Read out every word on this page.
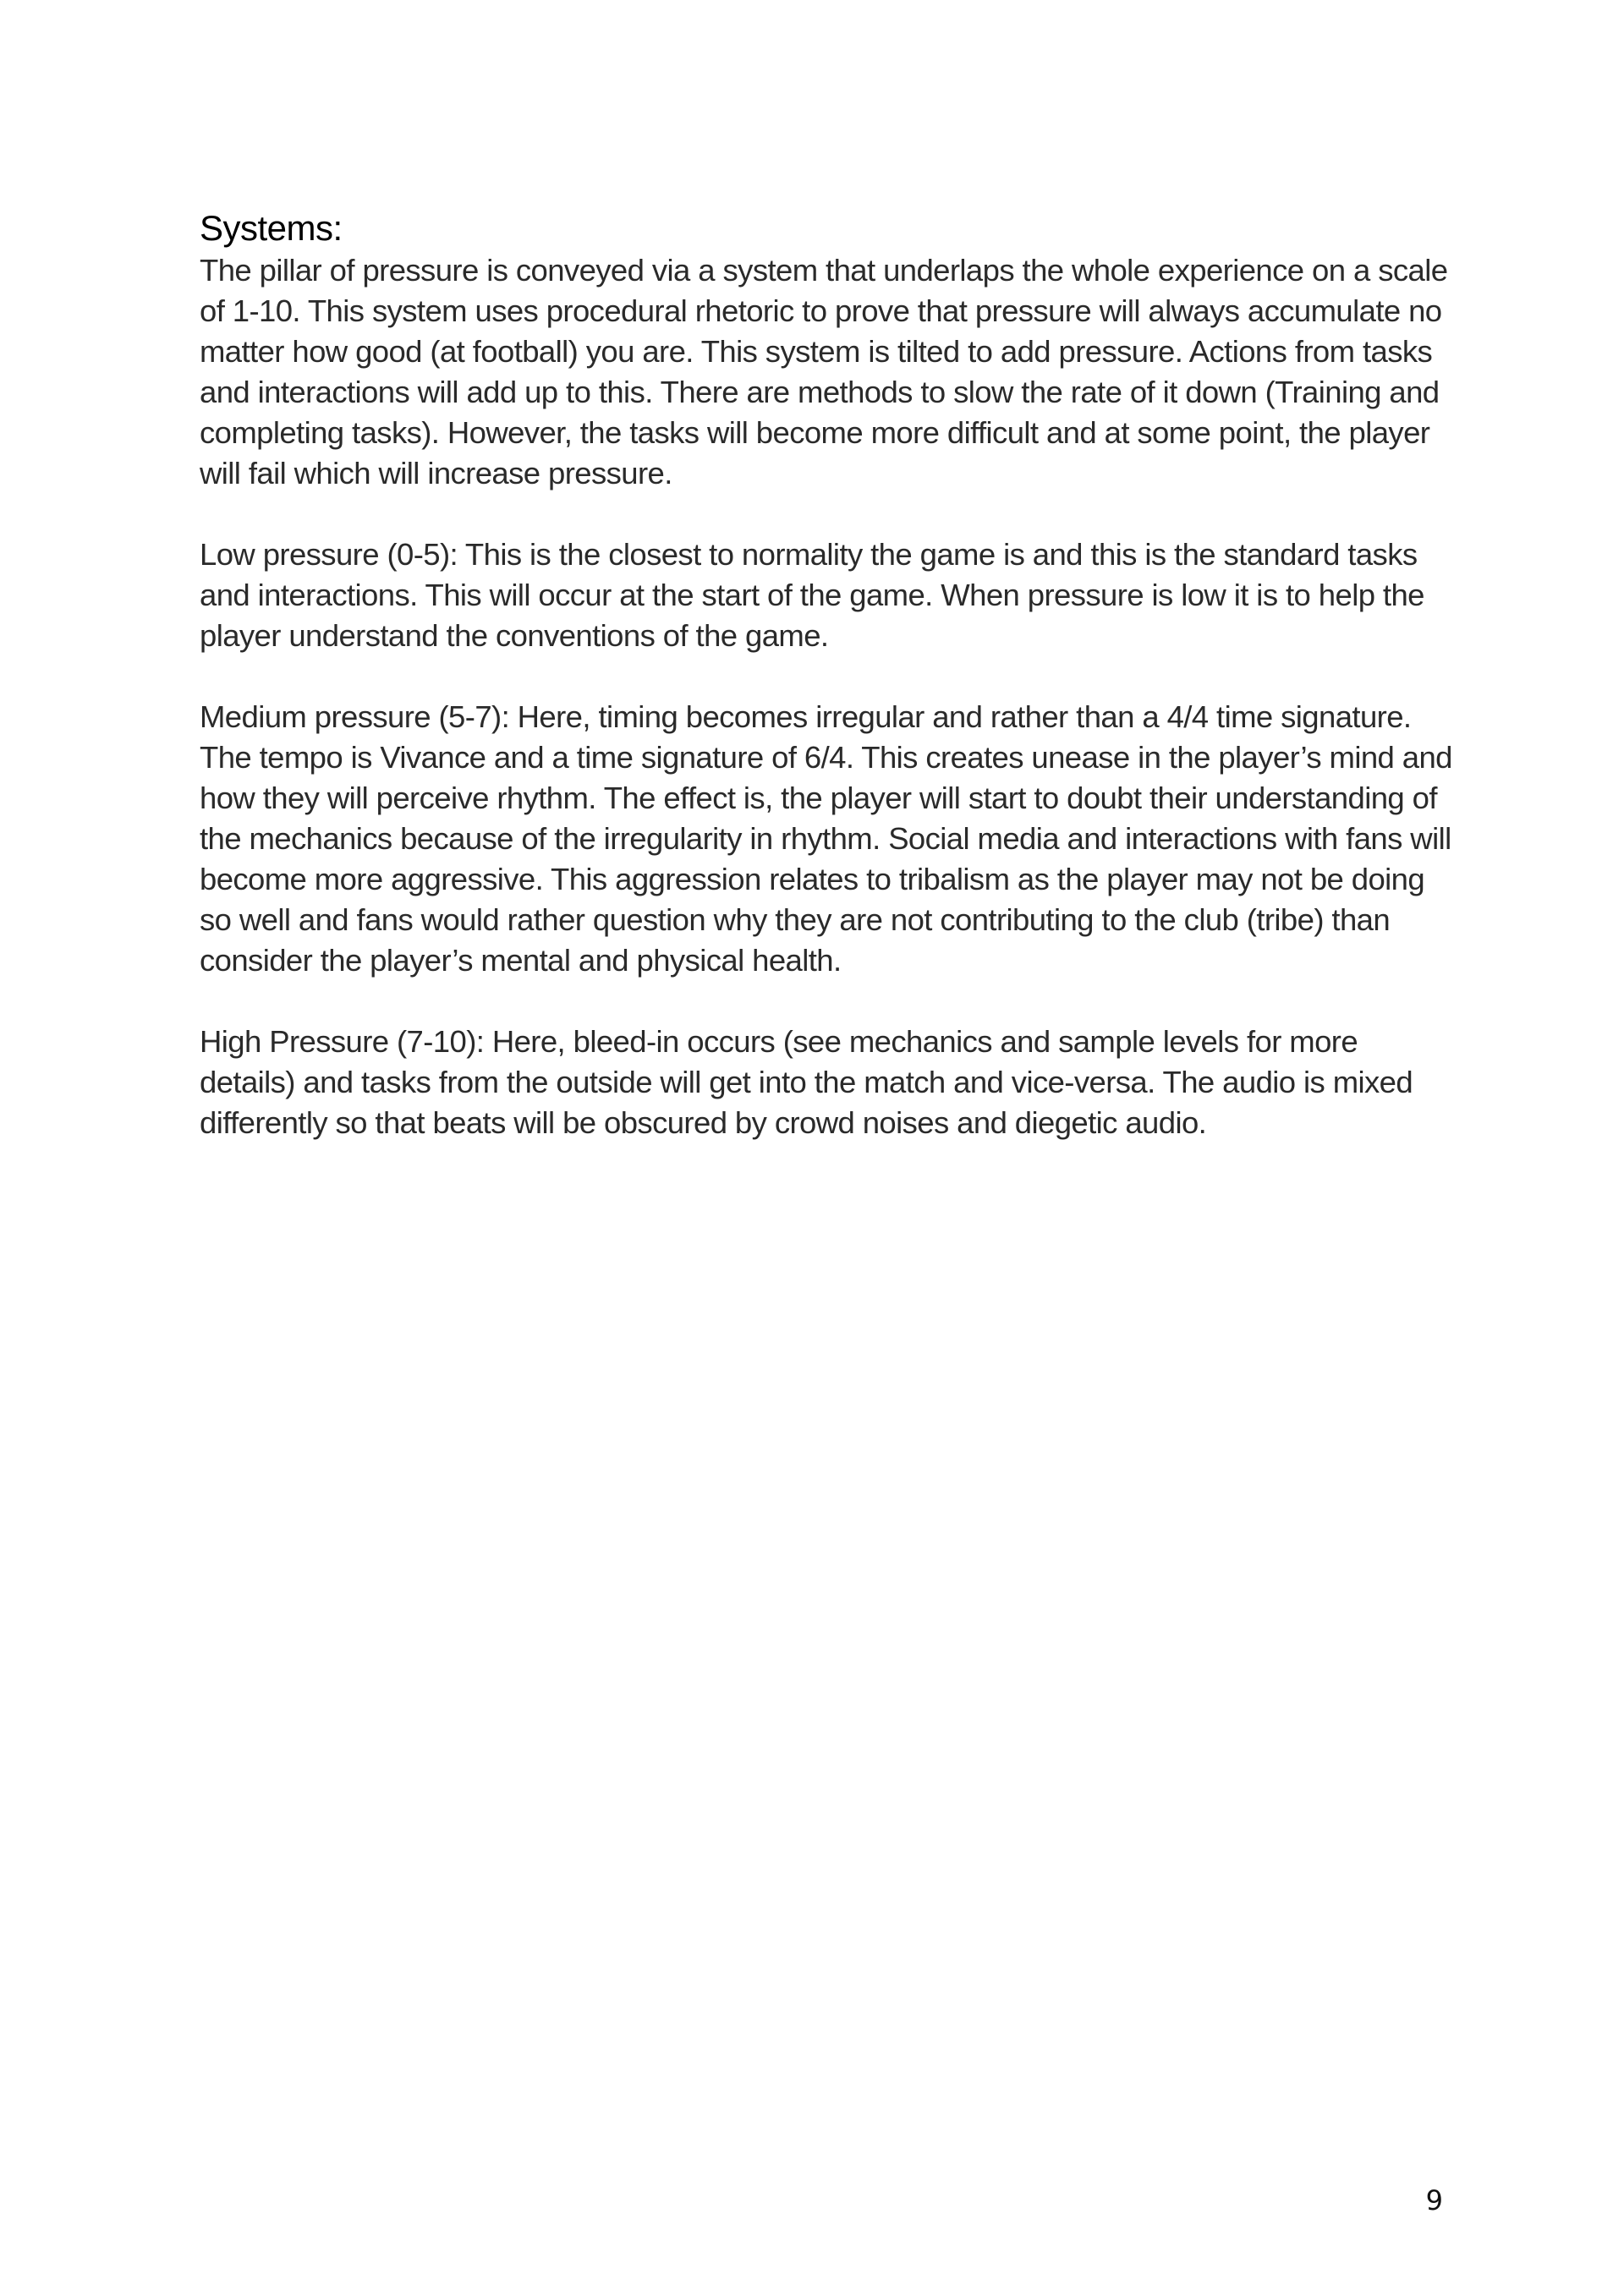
Systems:

The pillar of pressure is conveyed via a system that underlaps the whole experience on a scale of 1-10. This system uses procedural rhetoric to prove that pressure will always accumulate no matter how good (at football) you are. This system is tilted to add pressure. Actions from tasks and interactions will add up to this. There are methods to slow the rate of it down (Training and completing tasks). However, the tasks will become more difficult and at some point, the player will fail which will increase pressure.

Low pressure (0-5): This is the closest to normality the game is and this is the standard tasks and interactions. This will occur at the start of the game. When pressure is low it is to help the player understand the conventions of the game.

Medium pressure (5-7): Here, timing becomes irregular and rather than a 4/4 time signature. The tempo is Vivance and a time signature of 6/4. This creates unease in the player’s mind and how they will perceive rhythm. The effect is, the player will start to doubt their understanding of the mechanics because of the irregularity in rhythm. Social media and interactions with fans will become more aggressive. This aggression relates to tribalism as the player may not be doing so well and fans would rather question why they are not contributing to the club (tribe) than consider the player’s mental and physical health.

High Pressure (7-10): Here, bleed-in occurs (see mechanics and sample levels for more details) and tasks from the outside will get into the match and vice-versa. The audio is mixed differently so that beats will be obscured by crowd noises and diegetic audio.

9
